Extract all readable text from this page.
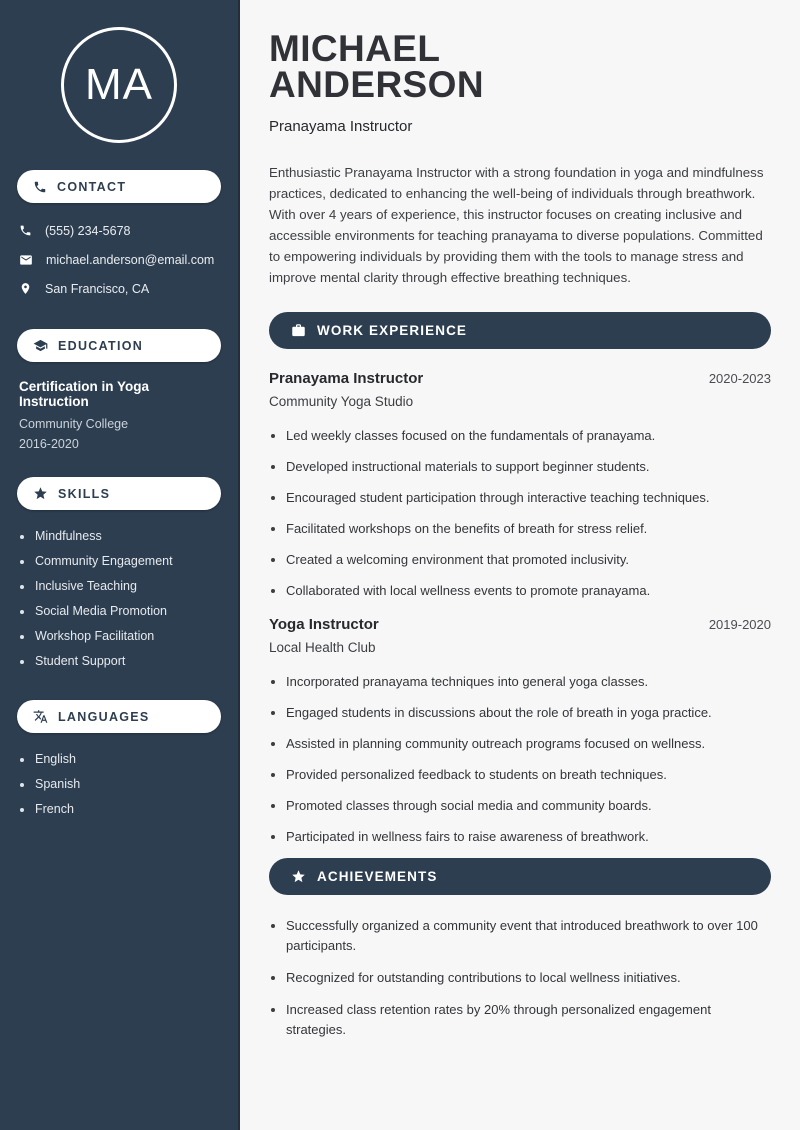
MA
CONTACT
(555) 234-5678
michael.anderson@email.com
San Francisco, CA
EDUCATION
Certification in Yoga Instruction
Community College
2016-2020
SKILLS
Mindfulness
Community Engagement
Inclusive Teaching
Social Media Promotion
Workshop Facilitation
Student Support
LANGUAGES
English
Spanish
French
MICHAEL
ANDERSON
Pranayama Instructor

Enthusiastic Pranayama Instructor with a strong foundation in yoga and mindfulness practices, dedicated to enhancing the well-being of individuals through breathwork. With over 4 years of experience, this instructor focuses on creating inclusive and accessible environments for teaching pranayama to diverse populations. Committed to empowering individuals by providing them with the tools to manage stress and improve mental clarity through effective breathing techniques.

WORK EXPERIENCE
Pranayama Instructor	2020-2023
Community Yoga Studio
Led weekly classes focused on the fundamentals of pranayama.
Developed instructional materials to support beginner students.
Encouraged student participation through interactive teaching techniques.
Facilitated workshops on the benefits of breath for stress relief.
Created a welcoming environment that promoted inclusivity.
Collaborated with local wellness events to promote pranayama.
Yoga Instructor	2019-2020
Local Health Club
Incorporated pranayama techniques into general yoga classes.
Engaged students in discussions about the role of breath in yoga practice.
Assisted in planning community outreach programs focused on wellness.
Provided personalized feedback to students on breath techniques.
Promoted classes through social media and community boards.
Participated in wellness fairs to raise awareness of breathwork.
ACHIEVEMENTS
Successfully organized a community event that introduced breathwork to over 100 participants.
Recognized for outstanding contributions to local wellness initiatives.
Increased class retention rates by 20% through personalized engagement strategies.
